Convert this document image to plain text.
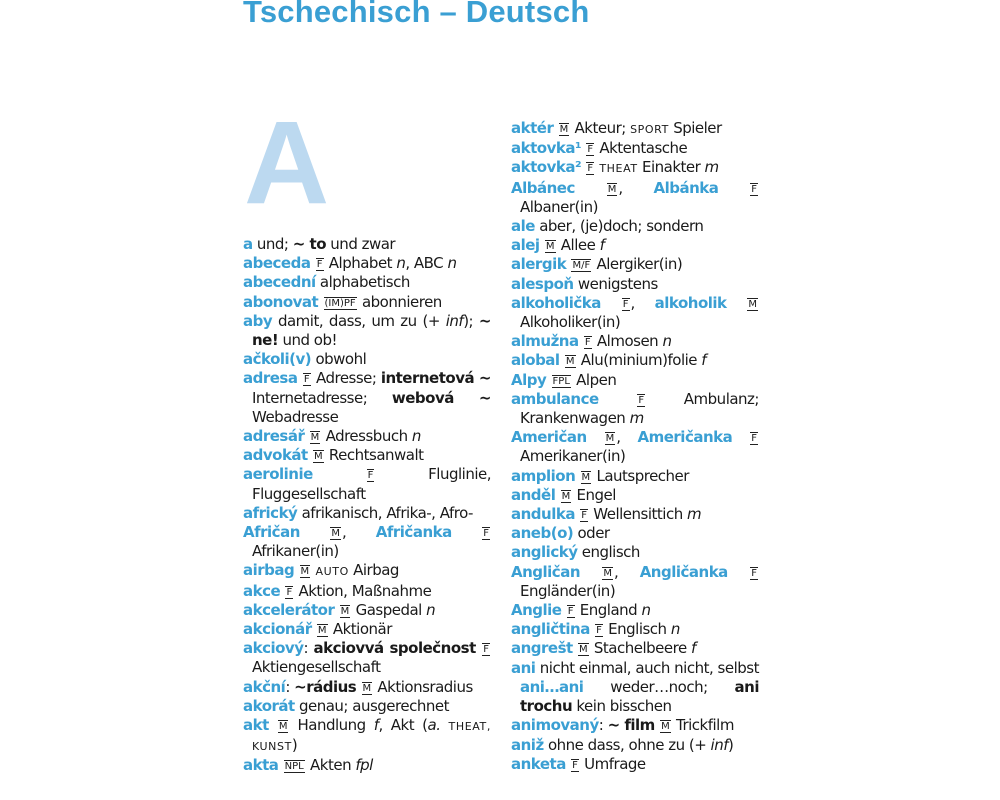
Tschechisch – Deutsch
A
a und; ~ to und zwar
abeceda F Alphabet n, ABC n
abecední alphabetisch
abonovat (IM)PF abonnieren
aby damit, dass, um zu (+ inf); ~ ne! und ob!
ačkoli(v) obwohl
adresa F Adresse; internetová ~ Internetadresse; webová ~ Webadresse
adresář M Adressbuch n
advokát M Rechtsanwalt
aerolinie	F Fluglinie, Fluggesellschaft
africký afrikanisch, Afrika-, Afro-
Afričan	M , Afričanka	F Afrikaner(in)
airbag M AUTO Airbag
akce F Aktion, Maßnahme
akcelerátor M Gaspedal n
akcionář M Aktionär
akciový: akciovvá společnost F Aktiengesellschaft
akční: ~rádius M Aktionsradius
akorát genau; ausgerechnet
akt M Handlung f, Akt (a. THEAT, KUNST)
akta NPL Akten fpl
aktér M Akteur; SPORT Spieler
aktovka¹ F Aktentasche
aktovka² F THEAT Einakter m
Albánec	M , Albánka	F Albaner(in)
ale aber, (je)doch; sondern
alej M Allee f
alergik M/F Alergiker(in)
alespoň wenigstens
alkoholička F , alkoholik M Alkoholiker(in)
almužna F Almosen n
alobal M Alu(minium)folie f
Alpy FPL Alpen
ambulance	F Ambulanz; Krankenwagen m
Američan M , Američanka F Amerikaner(in)
amplion M Lautsprecher
anděl M Engel
andulka F Wellensittich m
aneb(o) oder
anglický englisch
Angličan M , Angličanka F Engländer(in)
Anglie F England n
angličtina F Englisch n
angrešt M Stachelbeere f
ani nicht einmal, auch nicht, selbst ani…ani weder…noch; ani trochu kein bisschen
animovaný: ~ film M Trickfilm
aniž ohne dass, ohne zu (+ inf)
anketa F Umfrage
